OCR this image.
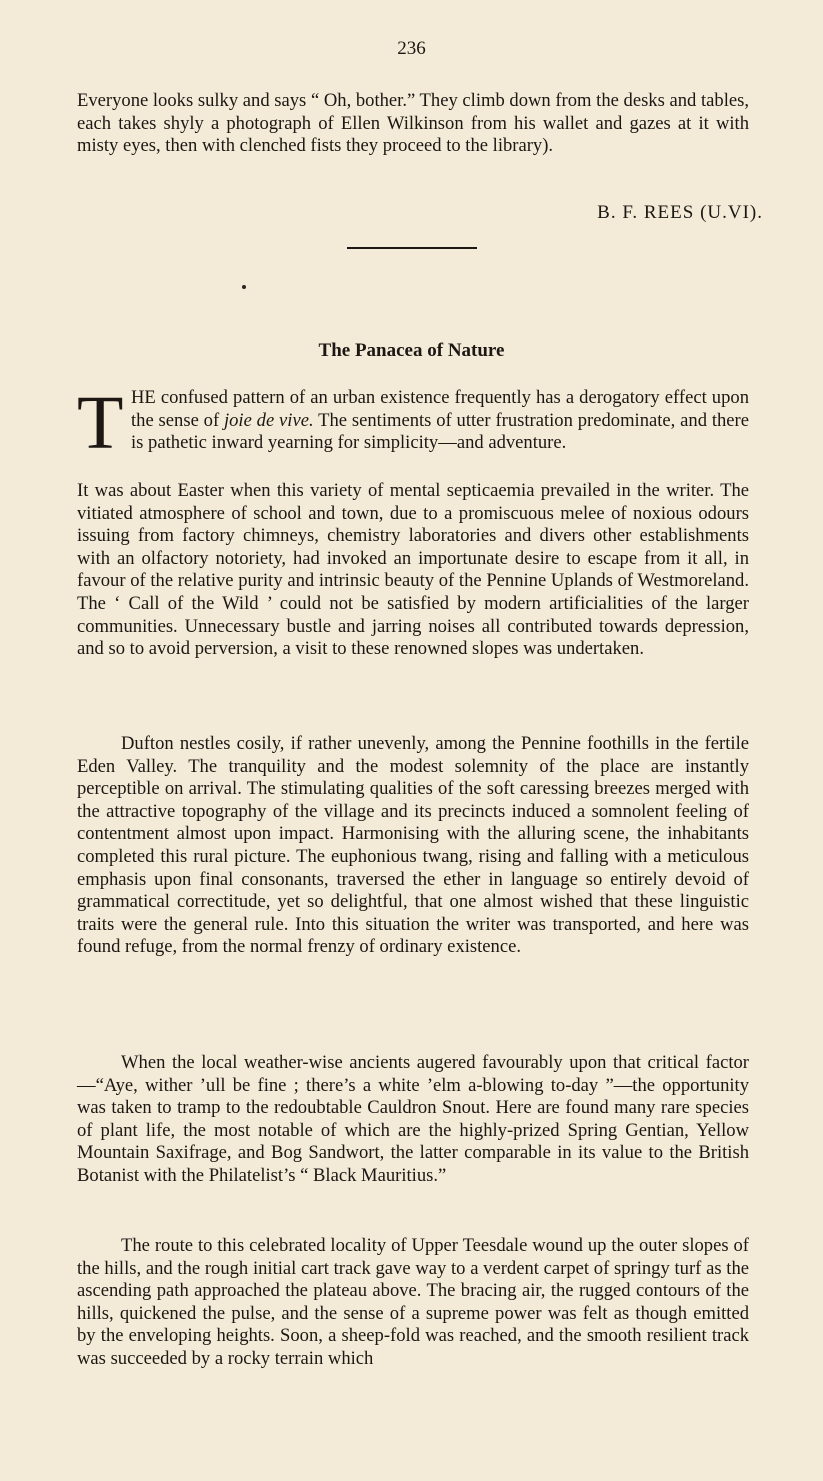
236
Everyone looks sulky and says “ Oh, bother.” They climb down from the desks and tables, each takes shyly a photograph of Ellen Wilkinson from his wallet and gazes at it with misty eyes, then with clenched fists they proceed to the library).
B. F. REES (U.VI).
The Panacea of Nature
T HE confused pattern of an urban existence frequently has a derogatory effect upon the sense of joie de vive. The sentiments of utter frustration predominate, and there is pathetic inward yearning for simplicity—and adventure.
It was about Easter when this variety of mental septicaemia prevailed in the writer. The vitiated atmosphere of school and town, due to a promiscuous melee of noxious odours issuing from factory chimneys, chemistry laboratories and divers other establishments with an olfactory notoriety, had invoked an importunate desire to escape from it all, in favour of the relative purity and intrinsic beauty of the Pennine Uplands of Westmoreland. The ‘ Call of the Wild ’ could not be satisfied by modern artificialities of the larger communities. Unnecessary bustle and jarring noises all contributed towards depression, and so to avoid perversion, a visit to these renowned slopes was undertaken.
Dufton nestles cosily, if rather unevenly, among the Pennine foothills in the fertile Eden Valley. The tranquility and the modest solemnity of the place are instantly perceptible on arrival. The stimulating qualities of the soft caressing breezes merged with the attractive topography of the village and its precincts induced a somnolent feeling of contentment almost upon impact. Harmonising with the alluring scene, the inhabitants completed this rural picture. The euphonious twang, rising and falling with a meticulous emphasis upon final consonants, traversed the ether in language so entirely devoid of grammatical correctitude, yet so delightful, that one almost wished that these linguistic traits were the general rule. Into this situation the writer was transported, and here was found refuge, from the normal frenzy of ordinary existence.
When the local weather-wise ancients augered favourably upon that critical factor—“Aye, wither ’ull be fine ; there’s a white ’elm a-blowing to-day ”—the opportunity was taken to tramp to the redoubtable Cauldron Snout. Here are found many rare species of plant life, the most notable of which are the highly-prized Spring Gentian, Yellow Mountain Saxifrage, and Bog Sandwort, the latter comparable in its value to the British Botanist with the Philatelist’s “ Black Mauritius.”
The route to this celebrated locality of Upper Teesdale wound up the outer slopes of the hills, and the rough initial cart track gave way to a verdent carpet of springy turf as the ascending path approached the plateau above. The bracing air, the rugged contours of the hills, quickened the pulse, and the sense of a supreme power was felt as though emitted by the enveloping heights. Soon, a sheep-fold was reached, and the smooth resilient track was succeeded by a rocky terrain which
